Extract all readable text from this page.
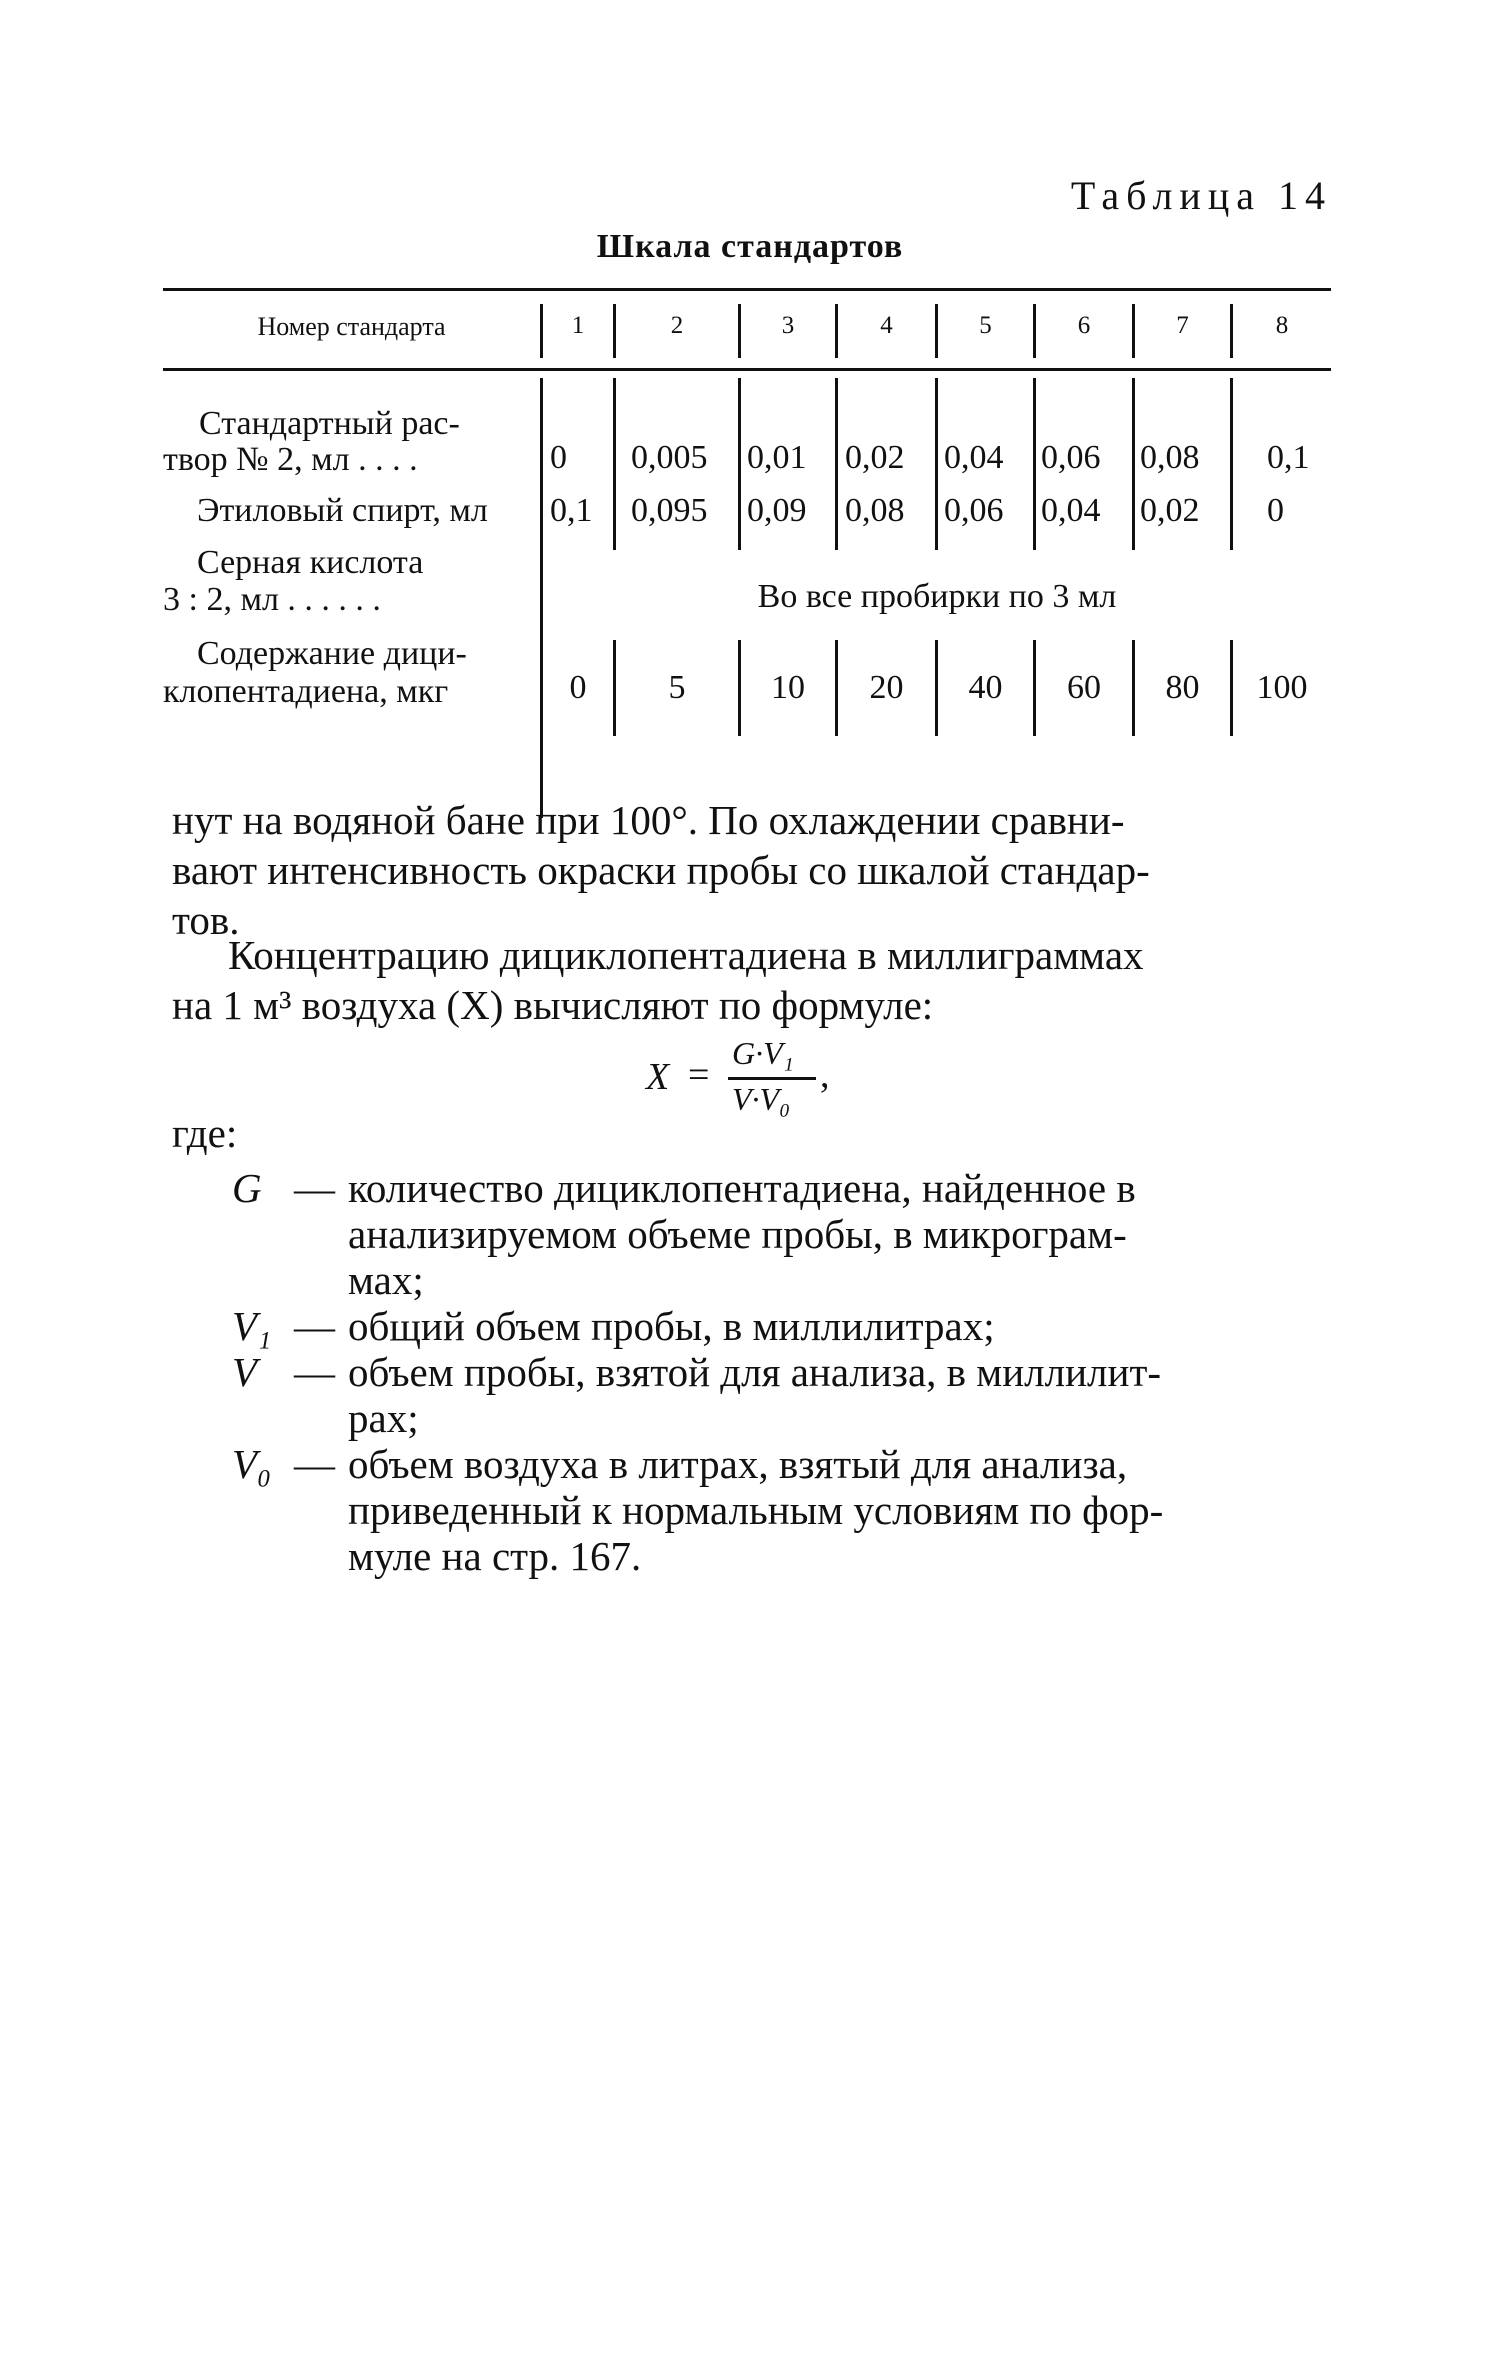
Таблица 14
Шкала стандартов
Номер стандарта	1	2	3	4	5	6	7	8
Стандартный рас-
твор № 2, мл . . . .	0 0,005 0,01 0,02 0,04 0,06 0,08 0,1
Этиловый спирт, мл	0,1 0,095 0,09 0,08 0,06 0,04 0,02 0
Серная кислота
3 : 2, мл . . . . . .	Во все пробирки по 3 мл
Содержание дици-
клопентадиена, мкг	0	5	10	20	40	60	80	100
нут на водяной бане при 100°. По охлаждении сравни-
вают интенсивность окраски пробы со шкалой стандар-
тов.
Концентрацию дициклопентадиена в миллиграммах
на 1 м³ воздуха (X) вычисляют по формуле:
X =
G·V₁
V·V₀
,
где:
G — количество дициклопентадиена, найденное в
анализируемом объеме пробы, в микрограм-
мах;
V₁ — общий объем пробы, в миллилитрах;
V — объем пробы, взятой для анализа, в миллилит-
рах;
V₀ — объем воздуха в литрах, взятый для анализа,
приведенный к нормальным условиям по фор-
муле на стр. 167.
